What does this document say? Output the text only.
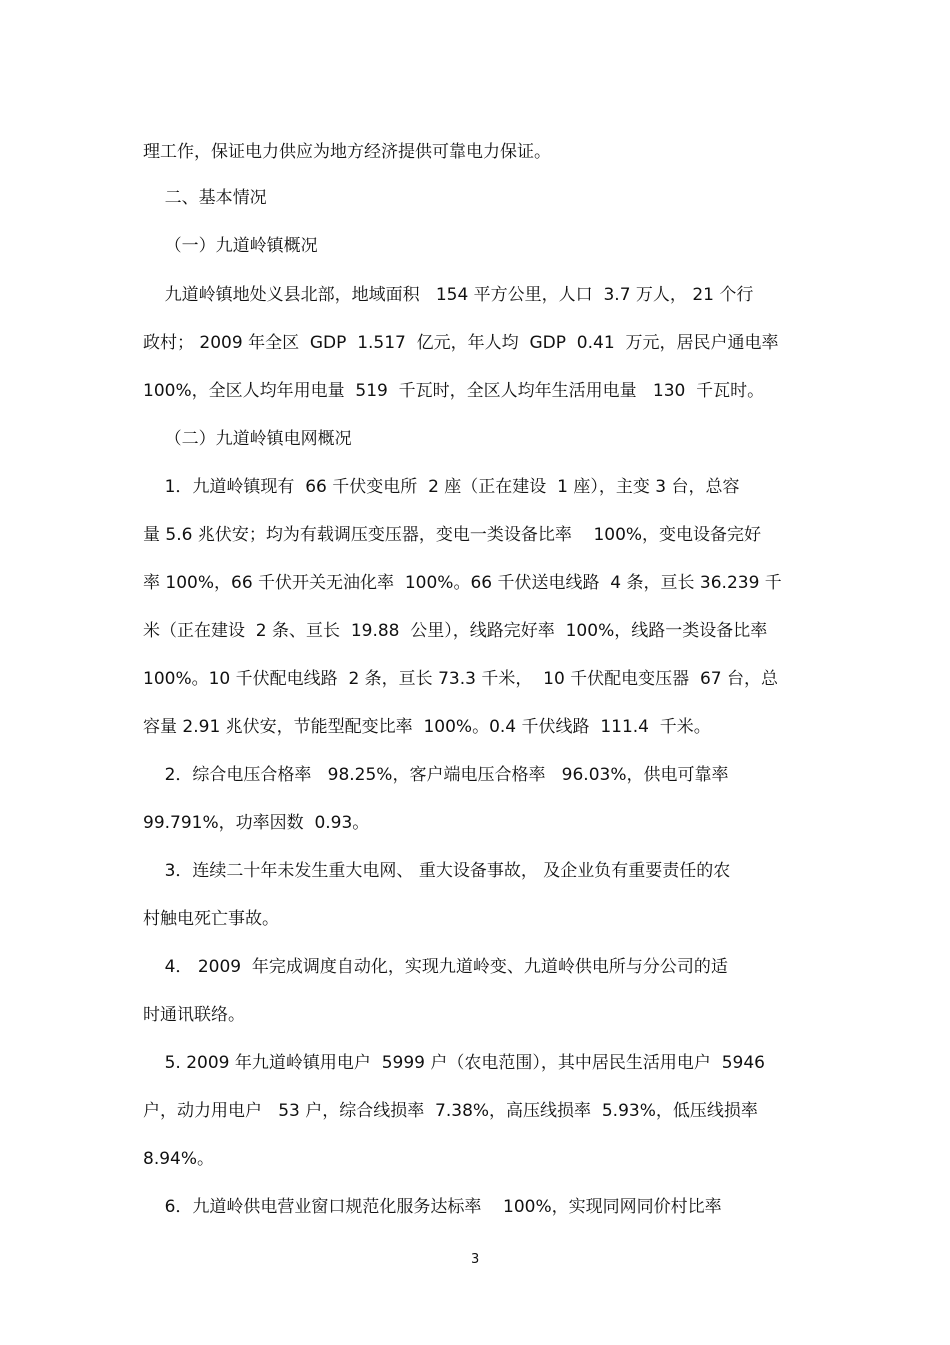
理工作，保证电力供应为地方经济提供可靠电力保证。
二、基本情况
（一）九道岭镇概况
九道岭镇地处义县北部，地域面积   154 平方公里，人口  3.7 万人， 21 个行
政村； 2009 年全区  GDP  1.517  亿元，年人均  GDP  0.41  万元，居民户通电率
100%，全区人均年用电量  519  千瓦时，全区人均年生活用电量   130  千瓦时。
（二）九道岭镇电网概况
1．九道岭镇现有  66 千伏变电所  2 座（正在建设  1 座），主变 3 台，总容
量 5.6 兆伏安；均为有载调压变压器，变电一类设备比率    100%，变电设备完好
率 100%，66 千伏开关无油化率  100%。66 千伏送电线路  4 条，亘长 36.239 千
米（正在建设  2 条、亘长  19.88  公里），线路完好率  100%，线路一类设备比率
100%。10 千伏配电线路  2 条，亘长 73.3 千米，  10 千伏配电变压器  67 台，总
容量 2.91 兆伏安，节能型配变比率  100%。0.4 千伏线路  111.4  千米。
2．综合电压合格率   98.25%，客户端电压合格率   96.03%，供电可靠率
99.791%，功率因数  0.93。
3．连续二十年未发生重大电网、 重大设备事故， 及企业负有重要责任的农
村触电死亡事故。
4． 2009  年完成调度自动化，实现九道岭变、九道岭供电所与分公司的适
时通讯联络。
5. 2009 年九道岭镇用电户  5999 户（农电范围），其中居民生活用电户  5946
户，动力用电户   53 户，综合线损率  7.38%，高压线损率  5.93%，低压线损率
8.94%。
6．九道岭供电营业窗口规范化服务达标率    100%，实现同网同价村比率
3
